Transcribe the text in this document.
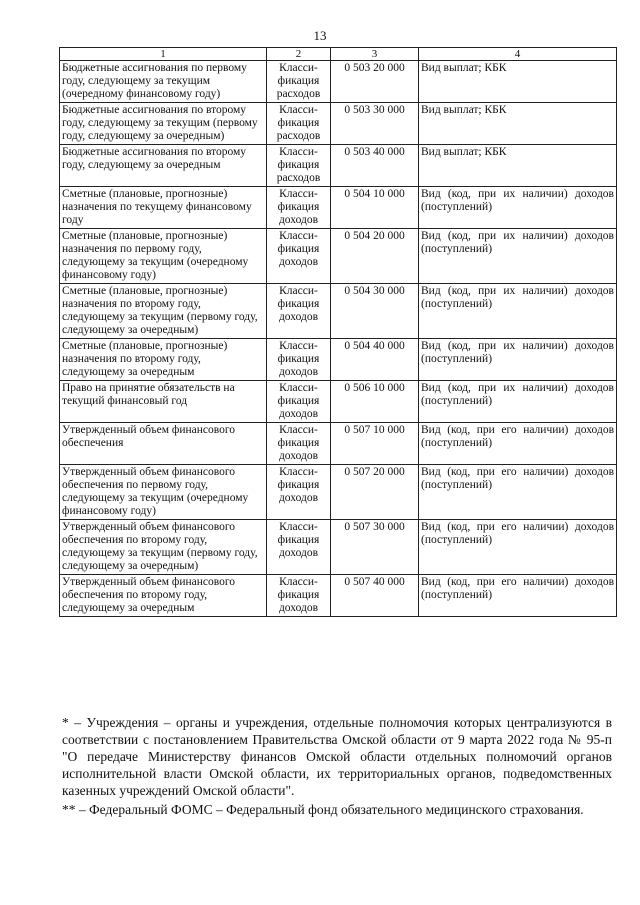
13
1	2	3	4
Бюджетные ассигнования по первому году, следующему за текущим (очередному финансовому году)	Класси-фикация расходов	0 503 20 000	Вид выплат; КБК
Бюджетные ассигнования по второму году, следующему за текущим (первому году, следующему за очередным)	Класси-фикация расходов	0 503 30 000	Вид выплат; КБК
Бюджетные ассигнования по второму году, следующему за очередным	Класси-фикация расходов	0 503 40 000	Вид выплат; КБК
Сметные (плановые, прогнозные) назначения по текущему финансовому году	Класси-фикация доходов	0 504 10 000	Вид (код, при их наличии) доходов (поступлений)
Сметные (плановые, прогнозные) назначения по первому году, следующему за текущим (очередному финансовому году)	Класси-фикация доходов	0 504 20 000	Вид (код, при их наличии) доходов (поступлений)
Сметные (плановые, прогнозные) назначения по второму году, следующему за текущим (первому году, следующему за очередным)	Класси-фикация доходов	0 504 30 000	Вид (код, при их наличии) доходов (поступлений)
Сметные (плановые, прогнозные) назначения по второму году, следующему за очередным	Класси-фикация доходов	0 504 40 000	Вид (код, при их наличии) доходов (поступлений)
Право на принятие обязательств на текущий финансовый год	Класси-фикация доходов	0 506 10 000	Вид (код, при их наличии) доходов (поступлений)
Утвержденный объем финансового обеспечения	Класси-фикация доходов	0 507 10 000	Вид (код, при его наличии) доходов (поступлений)
Утвержденный объем финансового обеспечения по первому году, следующему за текущим (очередному финансовому году)	Класси-фикация доходов	0 507 20 000	Вид (код, при его наличии) доходов (поступлений)
Утвержденный объем финансового обеспечения по второму году, следующему за текущим (первому году, следующему за очередным)	Класси-фикация доходов	0 507 30 000	Вид (код, при его наличии) доходов (поступлений)
Утвержденный объем финансового обеспечения по второму году, следующему за очередным	Класси-фикация доходов	0 507 40 000	Вид (код, при его наличии) доходов (поступлений)

* – Учреждения – органы и учреждения, отдельные полномочия которых централизуются в соответствии с постановлением Правительства Омской области от 9 марта 2022 года № 95-п "О передаче Министерству финансов Омской области отдельных полномочий органов исполнительной власти Омской области, их территориальных органов, подведомственных казенных учреждений Омской области".

** – Федеральный ФОМС – Федеральный фонд обязательного медицинского страхования.
